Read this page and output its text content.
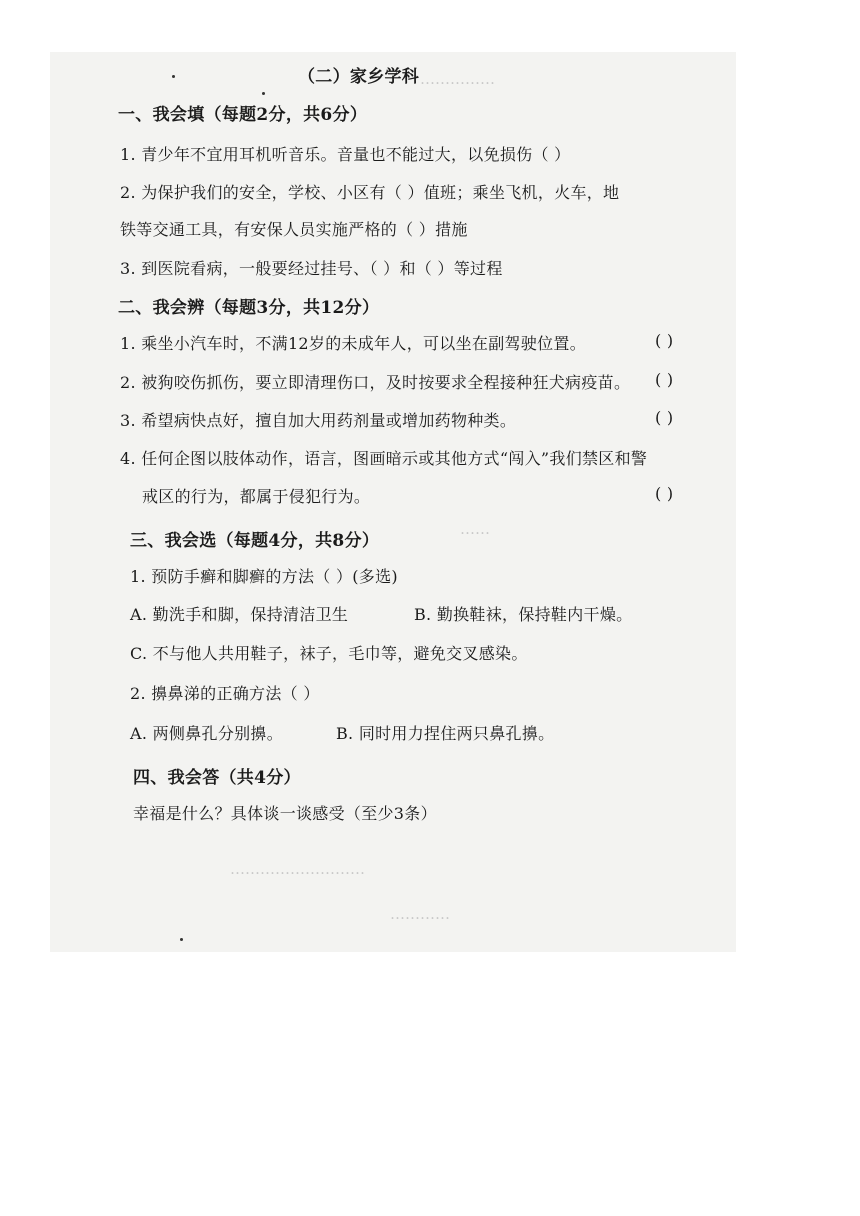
……………
……
………………………
…………
（二）家乡学科
一、我会填（每题2分，共6分）
1. 青少年不宜用耳机听音乐。音量也不能过大，以免损伤（ ）
2. 为保护我们的安全，学校、小区有（ ）值班；乘坐飞机，火车，地
铁等交通工具，有安保人员实施严格的（ ）措施
3. 到医院看病，一般要经过挂号、（ ）和（ ）等过程
二、我会辨（每题3分，共12分）
1. 乘坐小汽车时，不满12岁的未成年人，可以坐在副驾驶位置。	( )
2. 被狗咬伤抓伤，要立即清理伤口，及时按要求全程接种狂犬病疫苗。 ( )
3. 希望病快点好，擅自加大用药剂量或增加药物种类。	( )
4. 任何企图以肢体动作，语言，图画暗示或其他方式“闯入”我们禁区和警
戒区的行为，都属于侵犯行为。	( )
三、我会选（每题4分，共8分）
1. 预防手癣和脚癣的方法（ ）(多选)
A. 勤洗手和脚，保持清洁卫生	B. 勤换鞋袜，保持鞋内干燥。
C. 不与他人共用鞋子，袜子，毛巾等，避免交叉感染。
2. 擤鼻涕的正确方法（ ）
A. 两侧鼻孔分别擤。	B. 同时用力捏住两只鼻孔擤。
四、我会答（共4分）
幸福是什么？具体谈一谈感受（至少3条）
